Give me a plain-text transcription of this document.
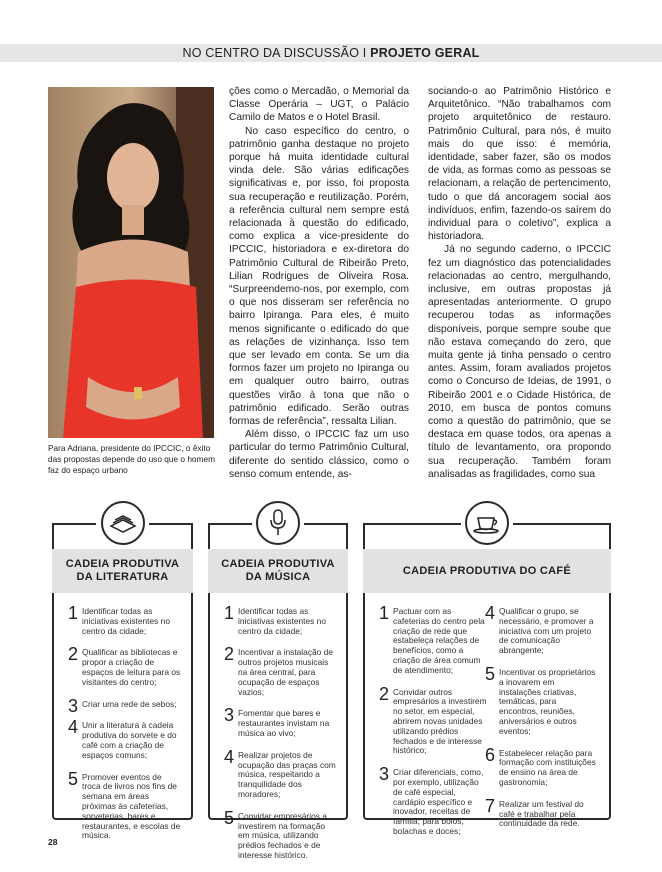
NO CENTRO DA DISCUSSÃO I PROJETO GERAL
Para Adriana, presidente do IPCCIC, o êxito das propostas depende do uso que o homem faz do espaço urbano

ções como o Mercadão, o Memorial da Classe Operária – UGT, o Palácio Camilo de Matos e o Hotel Brasil.

No caso específico do centro, o patrimônio ganha destaque no projeto porque há muita identidade cultural vinda dele. São várias edificações significativas e, por isso, foi proposta sua recuperação e reutilização. Porém, a referência cultural nem sempre está relacionada à questão do edificado, como explica a vice-presidente do IPCCIC, historiadora e ex-diretora do Patrimônio Cultural de Ribeirão Preto, Lilian Rodrigues de Oliveira Rosa. “Surpreendemo-nos, por exemplo, com o que nos disseram ser referência no bairro Ipiranga. Para eles, é muito menos significante o edificado do que as relações de vizinhança. Isso tem que ser levado em conta. Se um dia formos fazer um projeto no Ipiranga ou em qualquer outro bairro, outras questões virão à tona que não o patrimônio edificado. Serão outras formas de referência”, ressalta Lilian.

Além disso, o IPCCIC faz um uso particular do termo Patrimônio Cultural, diferente do sentido clássico, como o senso comum entende, as-

sociando-o ao Patrimônio Histórico e Arquitetônico. “Não trabalhamos com projeto arquitetônico de restauro. Patrimônio Cultural, para nós, é muito mais do que isso: é memória, identidade, saber fazer, são os modos de vida, as formas como as pessoas se relacionam, a relação de pertencimento, tudo o que dá ancoragem social aos indivíduos, enfim, fazendo-os saírem do individual para o coletivo”, explica a historiadora.

Já no segundo caderno, o IPCCIC fez um diagnóstico das potencialidades relacionadas ao centro, mergulhando, inclusive, em outras propostas já apresentadas anteriormente. O grupo recuperou todas as informações disponíveis, porque sempre soube que não estava começando do zero, que muita gente já tinha pensado o centro antes. Assim, foram avaliados projetos como o Concurso de Ideias, de 1991, o Ribeirão 2001 e o Cidade Histórica, de 2010, em busca de pontos comuns como a questão do patrimônio, que se destaca em quase todos, ora apenas a título de levantamento, ora propondo sua recuperação. Também foram analisadas as fragilidades, como sua

CADEIA PRODUTIVA DA LITERATURA
1 Identificar todas as iniciativas existentes no centro da cidade;
2 Qualificar as bibliotecas e propor a criação de espaços de leitura para os visitantes do centro;
3 Criar uma rede de sebos;
4 Unir a literatura à cadeia produtiva do sorvete e do café com a criação de espaços comuns;
5 Promover eventos de troca de livros nos fins de semana em áreas próximas às cafeterias, sorveterias, bares e restaurantes, e escolas de música.
CADEIA PRODUTIVA DA MÚSICA
1 Identificar todas as iniciativas existentes no centro da cidade;
2 Incentivar a instalação de outros projetos musicais na área central, para ocupação de espaços vazios;
3 Fomentar que bares e restaurantes invistam na música ao vivo;
4 Realizar projetos de ocupação das praças com música, respeitando a tranquilidade dos moradores;
5 Convidar empresários a investirem na formação em música, utilizando prédios fechados e de interesse histórico.
CADEIA PRODUTIVA DO CAFÉ
1 Pactuar com as cafeterias do centro pela criação de rede que estabeleça relações de benefícios, como a criação de área comum de atendimento;
2 Convidar outros empresários a investirem no setor, em especial, abrirem novas unidades utilizando prédios fechados e de interesse histórico;
3 Criar diferenciais, como, por exemplo, utilização de café especial, cardápio específico e inovador, receitas de família; para bolos, bolachas e doces;
4 Qualificar o grupo, se necessário, e promover a iniciativa com um projeto de comunicação abrangente;
5 Incentivar os proprietários a inovarem em instalações criativas, temáticas, para encontros, reuniões, aniversários e outros eventos;
6 Estabelecer relação para formação com instituições de ensino na área de gastronomia;
7 Realizar um festival do café e trabalhar pela continuidade da rede.
28
